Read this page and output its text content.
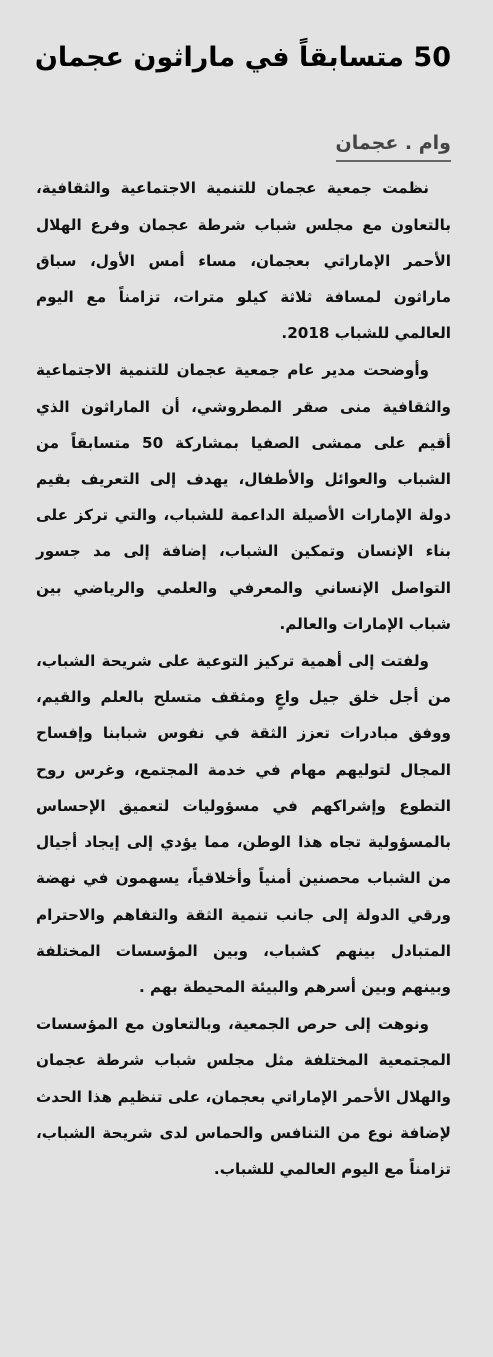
50 متسابقاً في ماراثون عجمان
وام . عجمان

نظمت جمعية عجمان للتنمية الاجتماعية والثقافية، بالتعاون مع مجلس شباب شرطة عجمان وفرع الهلال الأحمر الإماراتي بعجمان، مساء أمس الأول، سباق ماراثون لمسافة ثلاثة كيلو مترات، تزامناً مع اليوم العالمي للشباب 2018.

وأوضحت مدير عام جمعية عجمان للتنمية الاجتماعية والثقافية منى صقر المطروشي، أن الماراثون الذي أقيم على ممشى الصفيا بمشاركة 50 متسابقاً من الشباب والعوائل والأطفال، يهدف إلى التعريف بقيم دولة الإمارات الأصيلة الداعمة للشباب، والتي تركز على بناء الإنسان وتمكين الشباب، إضافة إلى مد جسور التواصل الإنساني والمعرفي والعلمي والرياضي بين شباب الإمارات والعالم.

ولفتت إلى أهمية تركيز التوعية على شريحة الشباب، من أجل خلق جيل واعٍ ومثقف متسلح بالعلم والقيم، ووفق مبادرات تعزز الثقة في نفوس شبابنا وإفساح المجال لتوليهم مهام في خدمة المجتمع، وغرس روح التطوع وإشراكهم في مسؤوليات لتعميق الإحساس بالمسؤولية تجاه هذا الوطن، مما يؤدي إلى إيجاد أجيال من الشباب محصنين أمنياً وأخلاقياً، يسهمون في نهضة ورقي الدولة إلى جانب تنمية الثقة والتفاهم والاحترام المتبادل بينهم كشباب، وبين المؤسسات المختلفة وبينهم وبين أسرهم والبيئة المحيطة بهم .

ونوهت إلى حرص الجمعية، وبالتعاون مع المؤسسات المجتمعية المختلفة مثل مجلس شباب شرطة عجمان والهلال الأحمر الإماراتي بعجمان، على تنظيم هذا الحدث لإضافة نوع من التنافس والحماس لدى شريحة الشباب، تزامناً مع اليوم العالمي للشباب.
